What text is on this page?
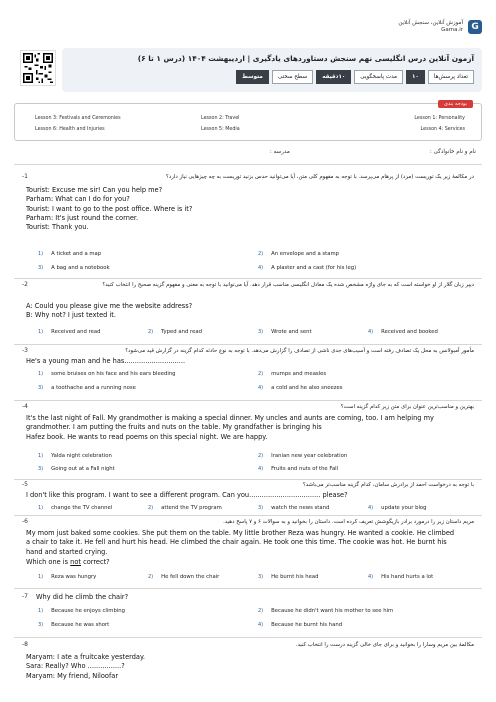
G
آموزش آنلاین، سنجش آنلاین
Gama.ir
آزمون آنلاین درس انگلیسی نهم سنجش دستاوردهای یادگیری | اردیبهشت ۱۴۰۴ (درس ۱ تا ۶)
تعداد پرسش‌ها
۱۰
مدت پاسخگویی
۱۰دقیقه
سطح سختی
متوسط
بودجه بندی
Lesson 1: Personality
Lesson 2: Travel
Lesson 3: Festivals and Ceremonies
Lesson 4: Services
Lesson 5: Media
Lesson 6: Health and Injuries
نام و نام خانوادگی :
مدرسه :
-1	در مکالمۀ زیر یک توریست (مرد) از پرهام می‌پرسد. با توجه به مفهوم کلی متن، آیا می‌توانید حدس بزنید توریست به چه چیزهایی نیاز دارد؟
Tourist: Excuse me sir! Can you help me?
Parham: What can I do for you?
Tourist: I want to go to the post office. Where is it?
Parham: It's just round the corner.
Tourist: Thank you.
1) A ticket and a map	2) An envelope and a stamp
3) A bag and a notebook	4) A plaster and a cast (for his leg)
-2	دیپر زبان گلار از او خواسته است که به جای واژه مشخص شده یک معادل انگلیسی مناسب قرار دهد. آیا می‌توانید با توجه به معنی و مفهوم گزینه صحیح را انتخاب کنید؟
A: Could you please give me the website address?
B: Why not? I just texted it.
1) Received and read	2) Typed and read	3) Wrote and sent	4) Received and booked
-3	مأمور آمبولانس به محل یک تصادف رفته است و آسیب‌های جدی ناشی از تصادف را گزارش می‌دهد. با توجه به نوع حادثه کدام گزینه در گزارش قید می‌شود؟
He's a young man and he has.............................
1) some bruises on his face and his ears bleeding	2) mumps and measles
3) a toothache and a running nose	4) a cold and he also sneezes
-4	بهترین و مناسب‌ترین عنوان برای متن زیر کدام گزینه است؟
It's the last night of Fall. My grandmother is making a special dinner. My uncles and aunts are coming, too. I am helping my
grandmother. I am putting the fruits and nuts on the table. My grandfather is bringing his
Hafez book. He wants to read poems on this special night. We are happy.
1) Yalda night celebration	2) Iranian new year celebration
3) Going out at a Fall night	4) Fruits and nuts of the Fall
-5	با توجه به درخواست احمد از برادرش سامان، کدام گزینه مناسب‌تر می‌باشد؟
I don't like this program. I want to see a different program. Can you.................................. please?
1) change the TV channel	2) attend the TV program	3) watch the news stand	4) update your blog
-6	مریم داستان زیر را درمورد برادر بازیگوشش تعریف کرده است. داستان را بخوانید و به سوالات ۶ و ۷ پاسخ دهید.
My mom just baked some cookies. She put them on the table. My little brother Reza was hungry. He wanted a cookie. He climbed
a chair to take it. He fell and hurt his head. He climbed the chair again. He took one this time. The cookie was hot. He burnt his
hand and started crying.
Which one is not correct?
1) Reza was hungry	2) He fell down the chair	3) He burnt his head	4) His hand hurts a lot
-7 Why did he climb the chair?
1) Because he enjoys climbing	2) Because he didn't want his mother to see him
3) Because he was short	4) Because he burnt his hand
-8	مکالمۀ بین مریم وسارا را بخوانید و برای جای خالی گزینه درست را انتخاب کنید.
Maryam: I ate a fruitcake yesterday.
Sara: Really? Who ................?
Maryam: My friend, Niloofar
